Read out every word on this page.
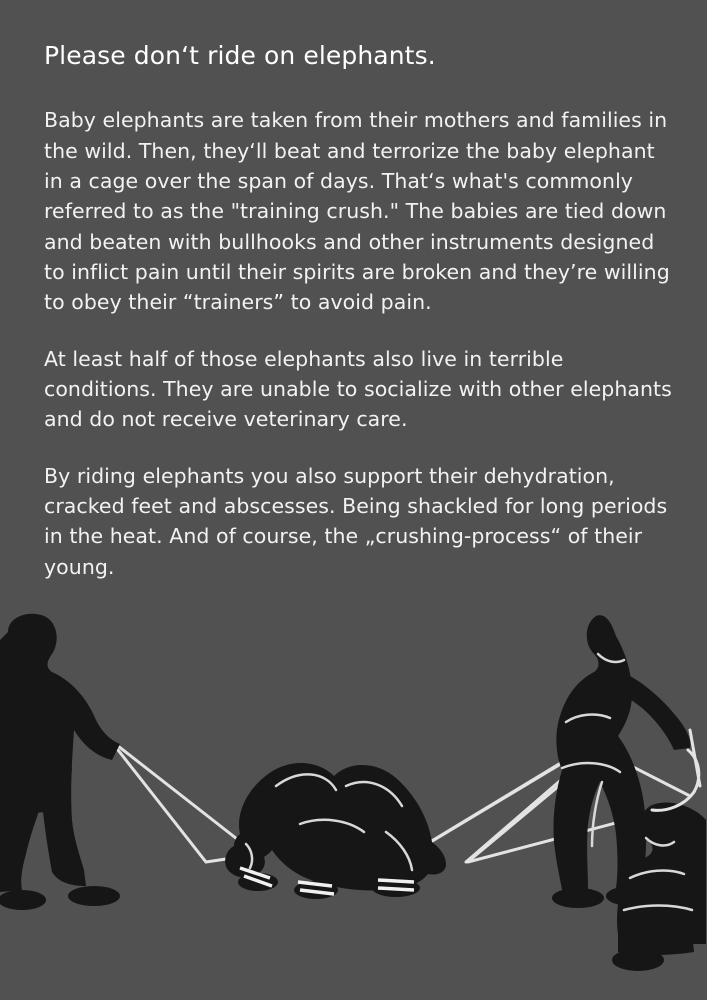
Please don‘t ride on elephants.

Baby elephants are taken from their mothers and families in the wild. Then, they‘ll beat and terrorize the baby elephant in a cage over the span of days. That‘s what's commonly referred to as the "training crush." The babies are tied down and beaten with bullhooks and other instruments designed to inflict pain until their spirits are broken and they’re willing to obey their “trainers” to avoid pain.

At least half of those elephants also live in terrible conditions. They are unable to socialize with other elephants and do not receive veterinary care.

By riding elephants you also support their dehydration, cracked feet and abscesses. Being shackled for long periods in the heat. And of course, the „crushing-process“ of their young.
